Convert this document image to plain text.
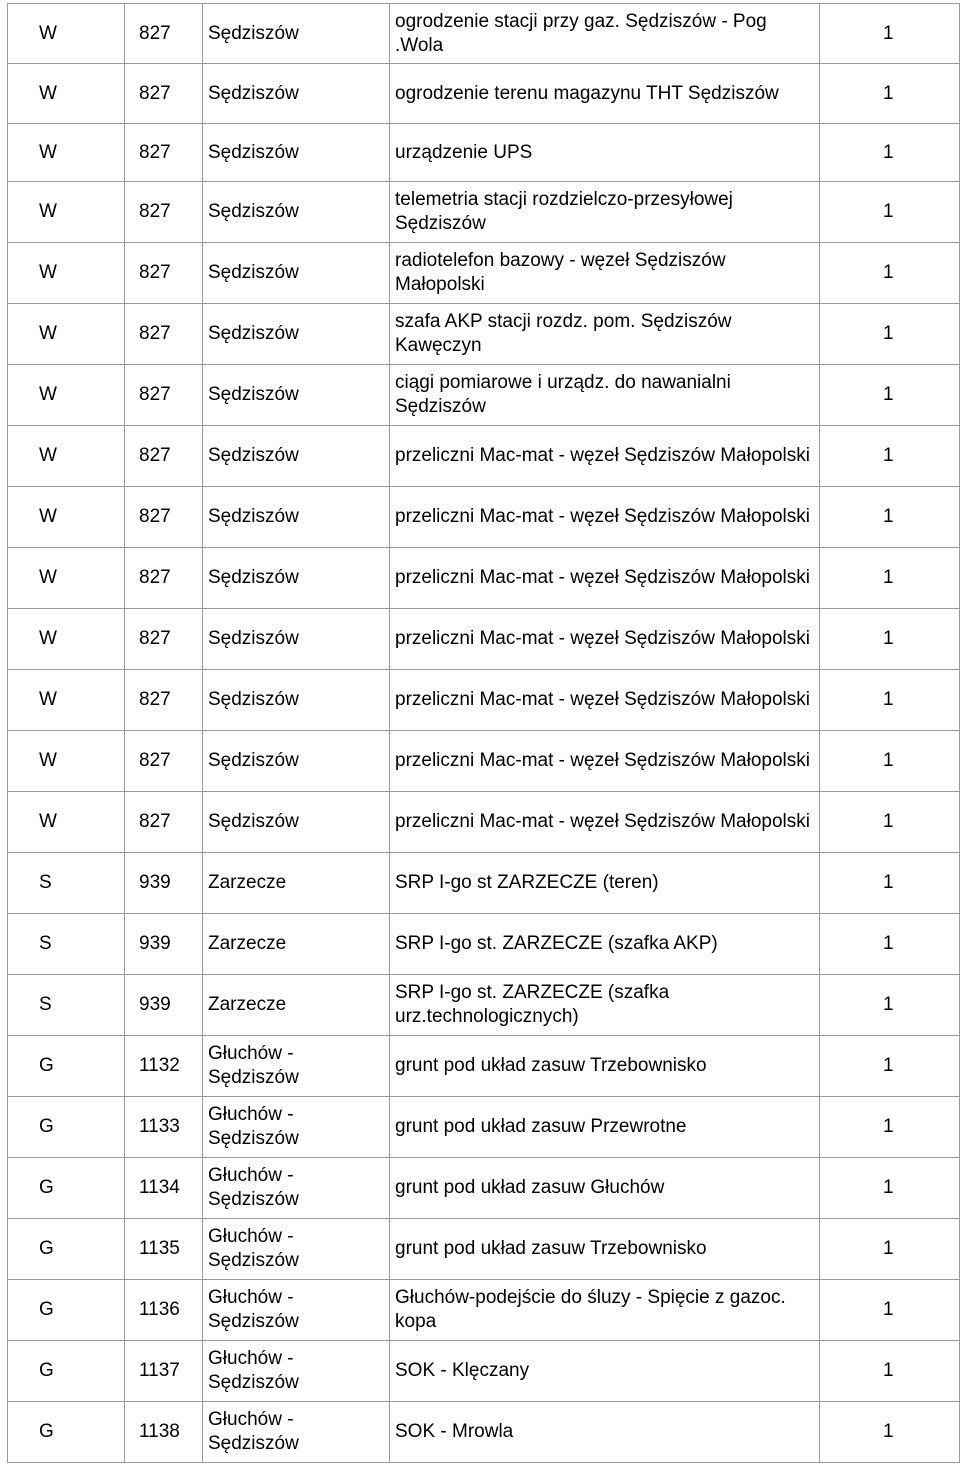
W	827	Sędziszów	ogrodzenie stacji przy gaz. Sędziszów - Pog .Wola	1
W	827	Sędziszów	ogrodzenie terenu magazynu THT Sędziszów	1
W	827	Sędziszów	urządzenie UPS	1
W	827	Sędziszów	telemetria stacji rozdzielczo-przesyłowej Sędziszów	1
W	827	Sędziszów	radiotelefon bazowy - węzeł Sędziszów Małopolski	1
W	827	Sędziszów	szafa AKP stacji rozdz. pom. Sędziszów Kawęczyn	1
W	827	Sędziszów	ciągi pomiarowe i urządz. do nawanialni Sędziszów	1
W	827	Sędziszów	przeliczni Mac-mat - węzeł Sędziszów Małopolski	1
W	827	Sędziszów	przeliczni Mac-mat - węzeł Sędziszów Małopolski	1
W	827	Sędziszów	przeliczni Mac-mat - węzeł Sędziszów Małopolski	1
W	827	Sędziszów	przeliczni Mac-mat - węzeł Sędziszów Małopolski	1
W	827	Sędziszów	przeliczni Mac-mat - węzeł Sędziszów Małopolski	1
W	827	Sędziszów	przeliczni Mac-mat - węzeł Sędziszów Małopolski	1
W	827	Sędziszów	przeliczni Mac-mat - węzeł Sędziszów Małopolski	1
S	939	Zarzecze	SRP I-go st ZARZECZE (teren)	1
S	939	Zarzecze	SRP I-go st. ZARZECZE (szafka AKP)	1
S	939	Zarzecze	SRP I-go st. ZARZECZE (szafka urz.technologicznych)	1
G	1132	Głuchów - Sędziszów	grunt pod układ zasuw Trzebownisko	1
G	1133	Głuchów - Sędziszów	grunt pod układ zasuw Przewrotne	1
G	1134	Głuchów - Sędziszów	grunt pod układ zasuw Głuchów	1
G	1135	Głuchów - Sędziszów	grunt pod układ zasuw Trzebownisko	1
G	1136	Głuchów - Sędziszów	Głuchów-podejście do śluzy - Spięcie z gazoc. kopa	1
G	1137	Głuchów - Sędziszów	SOK - Klęczany	1
G	1138	Głuchów - Sędziszów	SOK - Mrowla	1
